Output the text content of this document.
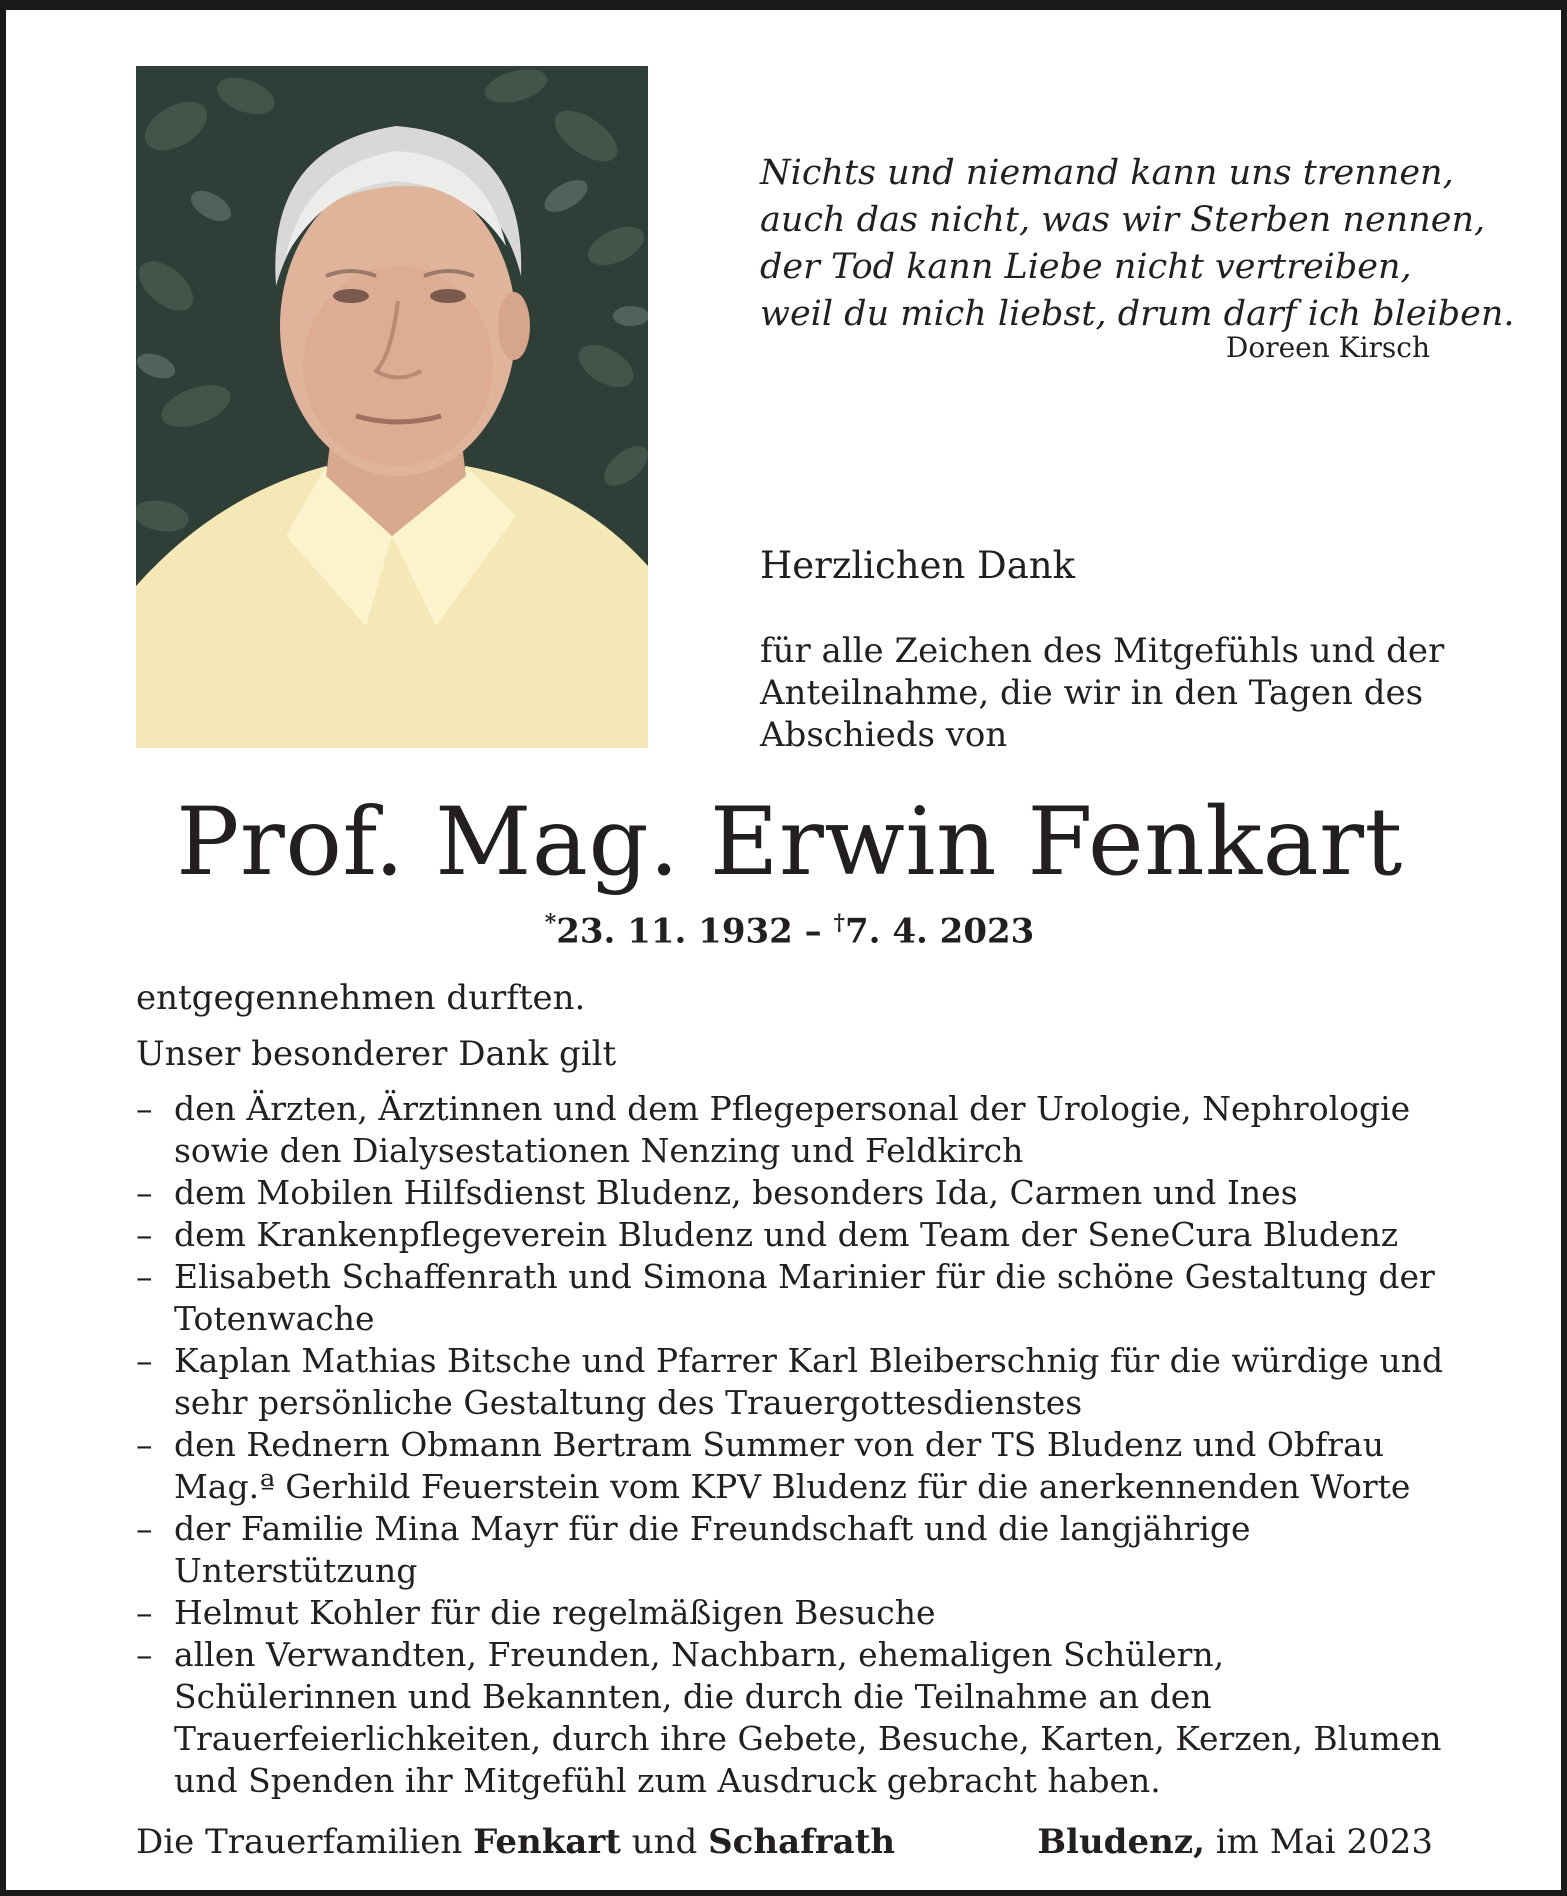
Nichts und niemand kann uns trennen,
auch das nicht, was wir Sterben nennen,
der Tod kann Liebe nicht vertreiben,
weil du mich liebst, drum darf ich bleiben.
Doreen Kirsch
Herzlichen Dank
für alle Zeichen des Mitgefühls und der Anteilnahme, die wir in den Tagen des Abschieds von
Prof. Mag. Erwin Fenkart
*23. 11. 1932 – †7. 4. 2023
entgegennehmen durften.
Unser besonderer Dank gilt
– den Ärzten, Ärztinnen und dem Pflegepersonal der Urologie, Nephrologie sowie den Dialysestationen Nenzing und Feldkirch
– dem Mobilen Hilfsdienst Bludenz, besonders Ida, Carmen und Ines
– dem Krankenpflegeverein Bludenz und dem Team der SeneCura Bludenz
– Elisabeth Schaffenrath und Simona Marinier für die schöne Gestaltung der Totenwache
– Kaplan Mathias Bitsche und Pfarrer Karl Bleiberschnig für die würdige und sehr persönliche Gestaltung des Trauergottesdienstes
– den Rednern Obmann Bertram Summer von der TS Bludenz und Obfrau Mag.ª Gerhild Feuerstein vom KPV Bludenz für die anerkennenden Worte
– der Familie Mina Mayr für die Freundschaft und die langjährige Unterstützung
– Helmut Kohler für die regelmäßigen Besuche
– allen Verwandten, Freunden, Nachbarn, ehemaligen Schülern, Schülerinnen und Bekannten, die durch die Teilnahme an den Trauerfeierlichkeiten, durch ihre Gebete, Besuche, Karten, Kerzen, Blumen und Spenden ihr Mitgefühl zum Ausdruck gebracht haben.
Die Trauerfamilien Fenkart und Schafrath	Bludenz, im Mai 2023
